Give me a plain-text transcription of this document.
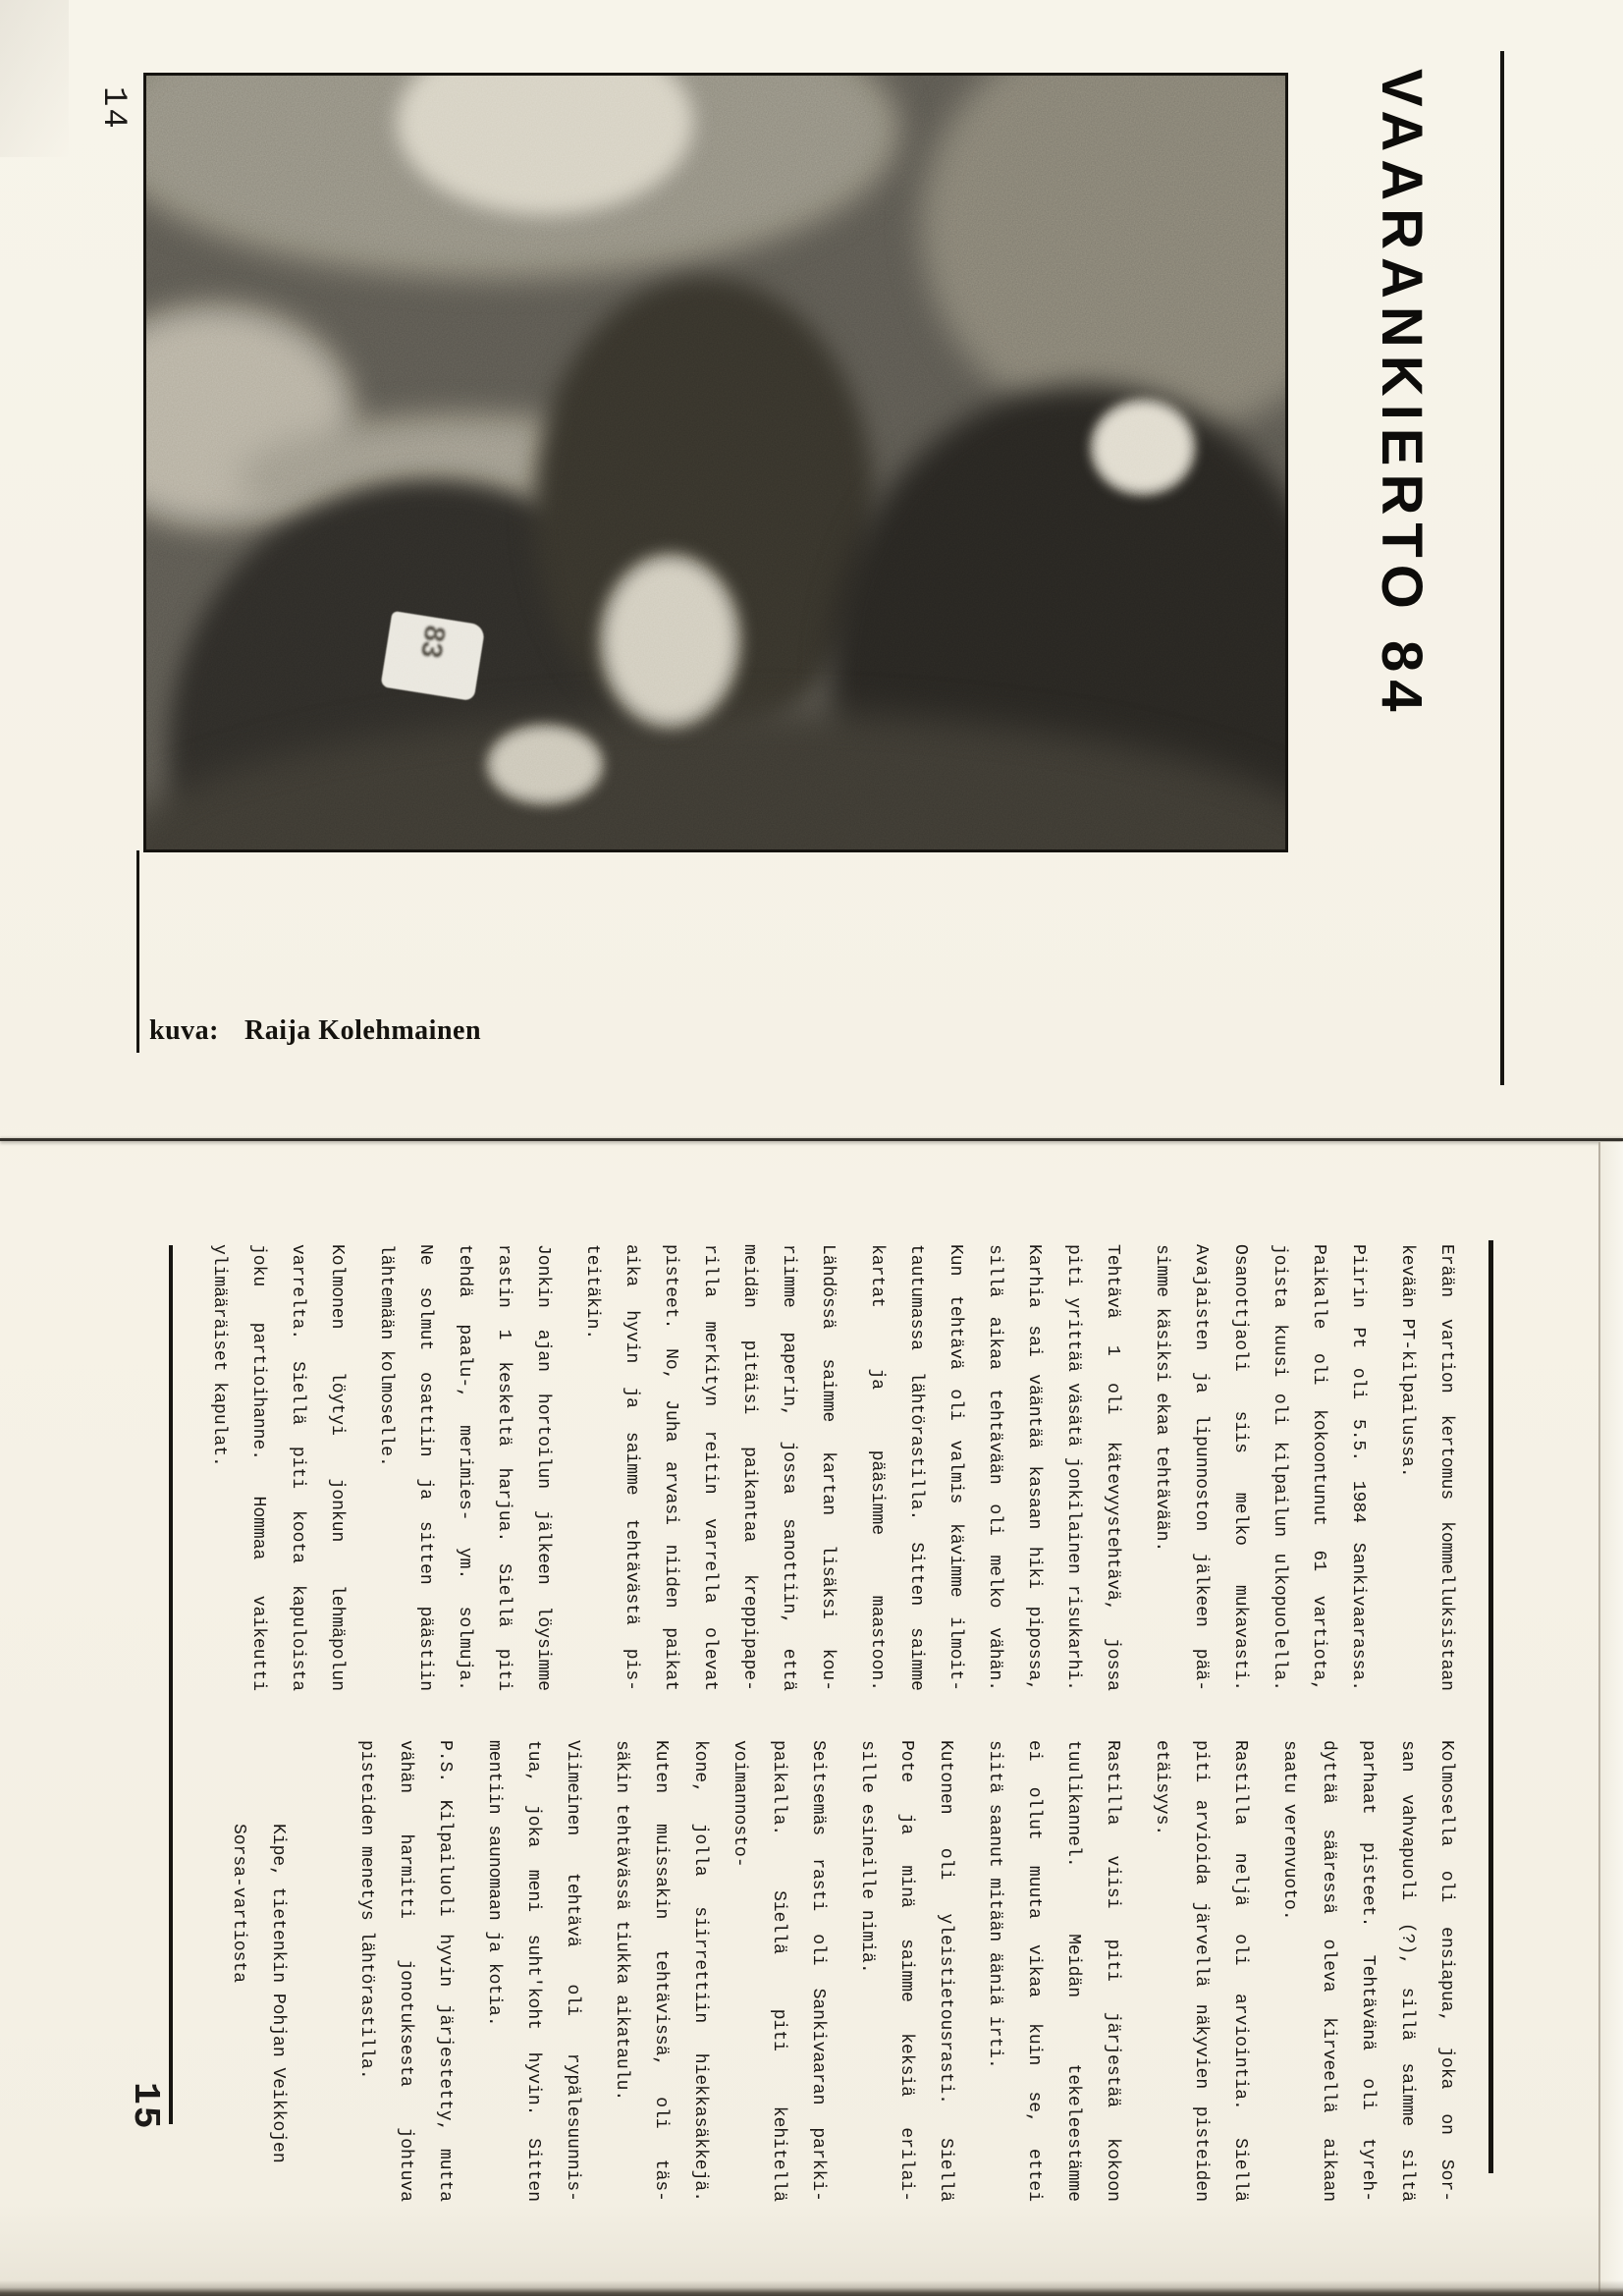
14	VAARANKIERTO 84
kuva: Raija Kolehmainen
15
Erään vartion kertomus kommelluksistaan
kevään PT-kilpailussa.
Piirin Pt oli 5.5. 1984 Sankivaarassa.
Paikalle oli kokoontunut 61 vartiota,
joista kuusi oli kilpailun ulkopuolella.
Osanottjaoli siis melko mukavasti.
Avajaisten ja lipunnoston jälkeen pää-
simme käsiksi ekaa tehtävään.
Tehtävä 1 oli kätevyystehtävä, jossa
piti yrittää väsätä jonkilainen risukarhi.
Karhia sai vääntää kasaan hiki pipossa,
sillä aikaa tehtävään oli melko vähän.
Kun tehtävä oli valmis kävimme ilmoit-
tautumassa lähtörastilla. Sitten saimme
kartat ja pääsimme maastoon.
Lähdössä saimme kartan lisäksi kou-
riimme paperin, jossa sanottiin, että
meidän pitäisi paikantaa kreppipape-
rilla merkityn reitin varrella olevat
pisteet. No, Juha arvasi niiden paikat
aika hyvin ja saimme tehtävästä pis-
teitäkin.
Jonkin ajan hortoilun jälkeen löysimme
rastin 1 keskeltä harjua. Siellä piti
tehdä paalu-, merimies- ym. solmuja.
Ne solmut osattiin ja sitten päästiin
lähtemään kolmoselle.
Kolmonen löytyi jonkun lehmäpolun
varrelta. Siellä piti koota kapuloista
joku partioihanne. Hommaa vaikeutti
ylimääräiset kapulat.
Kolmosella oli ensiapua, joka on Sor-
san vahvapuoli (?), sillä saimme siltä
parhaat pisteet. Tehtävänä oli tyreh-
dyttää sääressä oleva kirveellä aikaan
saatu verenvuoto.
Rastilla neljä oli arviointia. Siellä
piti arvioida järvellä näkyvien pisteiden
etäisyys.
Rastilla viisi piti järjestää kokoon
tuulikannel. Meidän tekeleestämme
ei ollut muuta vikaa kuin se, ettei
siitä saanut mitään ääniä irti.
Kutonen oli yleistietousrasti. Siellä
Pote ja minä saimme keksiä erilai-
sille esineille nimiä.
Seitsemäs rasti oli Sankivaaran parkki-
paikalla. Siellä piti kehitellä voimannosto-
kone, jolla siirrettiin hiekkasäkkejä.
Kuten muissakin tehtävissä, oli täs-
säkin tehtävässä tiukka aikataulu.
Viimeinen tehtävä oli rypälesuunnis-
tua, joka meni suht'koht hyvin. Sitten
mentiin saunomaan ja kotia.
P.S. Kilpailuoli hyvin järjestetty, mutta
vähän harmitti jonotuksesta johtuva
pisteiden menetys lähtörastilla.
Kipe, tietenkin Pohjan Veikkojen
Sorsa-vartiosta
